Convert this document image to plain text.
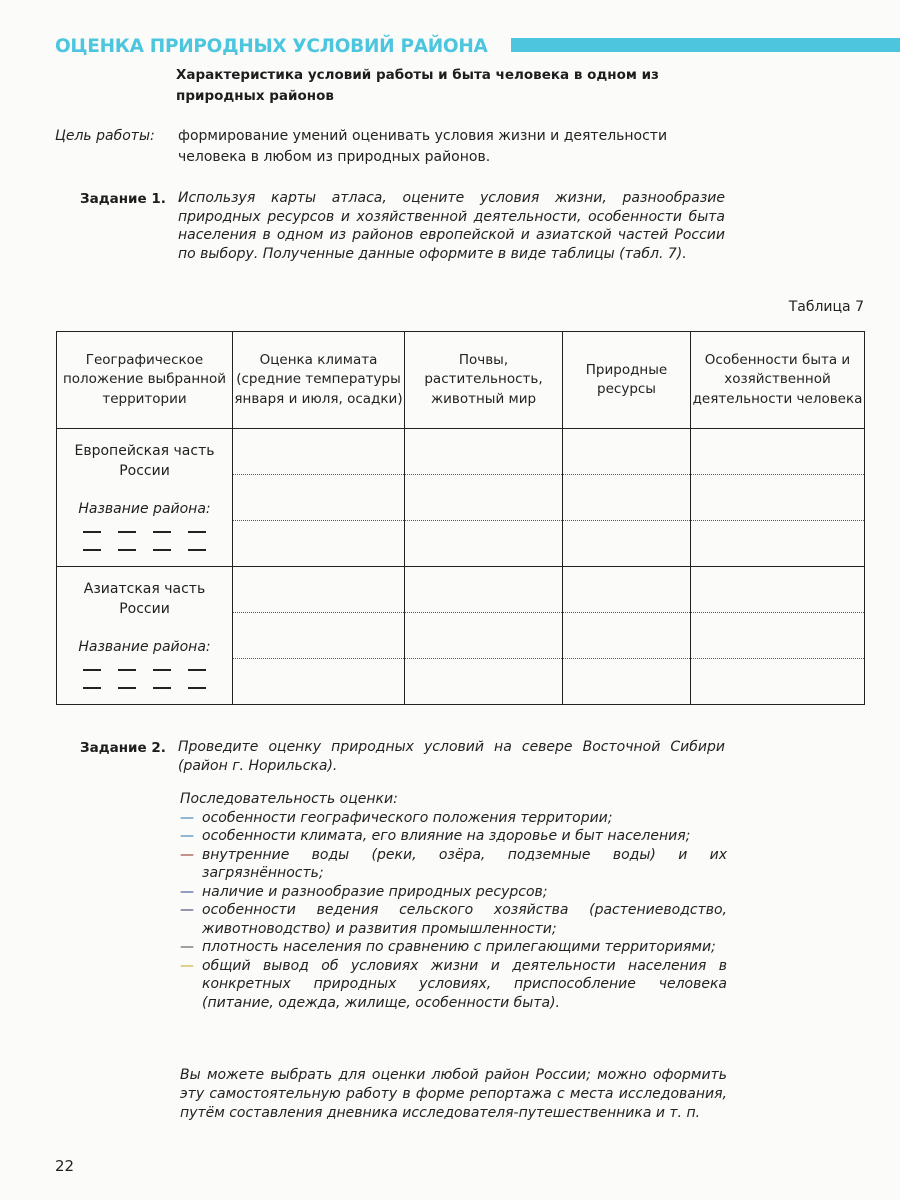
ОЦЕНКА ПРИРОДНЫХ УСЛОВИЙ РАЙОНА
Характеристика условий работы и быта человека в одном из природных районов
Цель работы: формирование умений оценивать условия жизни и деятельности человека в любом из природных районов.
Задание 1. Используя карты атласа, оцените условия жизни, разнообразие природных ресурсов и хозяйственной деятельности, особенности быта населения в одном из районов европейской и азиатской частей России по выбору. Полученные данные оформите в виде таблицы (табл. 7).
Таблица 7
Географическое положение выбранной территории	Оценка климата (средние температуры января и июля, осадки)	Почвы, растительность, животный мир	Природные ресурсы	Особенности быта и хозяйственной деятельности человека

Европейская часть России
Название района:				

Азиатская часть России
Название района:				

Задание 2. Проведите оценку природных условий на севере Восточной Сибири (район г. Норильска).
Последовательность оценки:
— особенности географического положения территории;
— особенности климата, его влияние на здоровье и быт населения;
— внутренние воды (реки, озёра, подземные воды) и их загрязнённость;
— наличие и разнообразие природных ресурсов;
— особенности ведения сельского хозяйства (растениеводство, животноводство) и развития промышленности;
— плотность населения по сравнению с прилегающими территориями;
— общий вывод об условиях жизни и деятельности населения в конкретных природных условиях, приспособление человека (питание, одежда, жилище, особенности быта).
Вы можете выбрать для оценки любой район России; можно оформить эту самостоятельную работу в форме репортажа с места исследования, путём составления дневника исследователя-путешественника и т. п.
22
